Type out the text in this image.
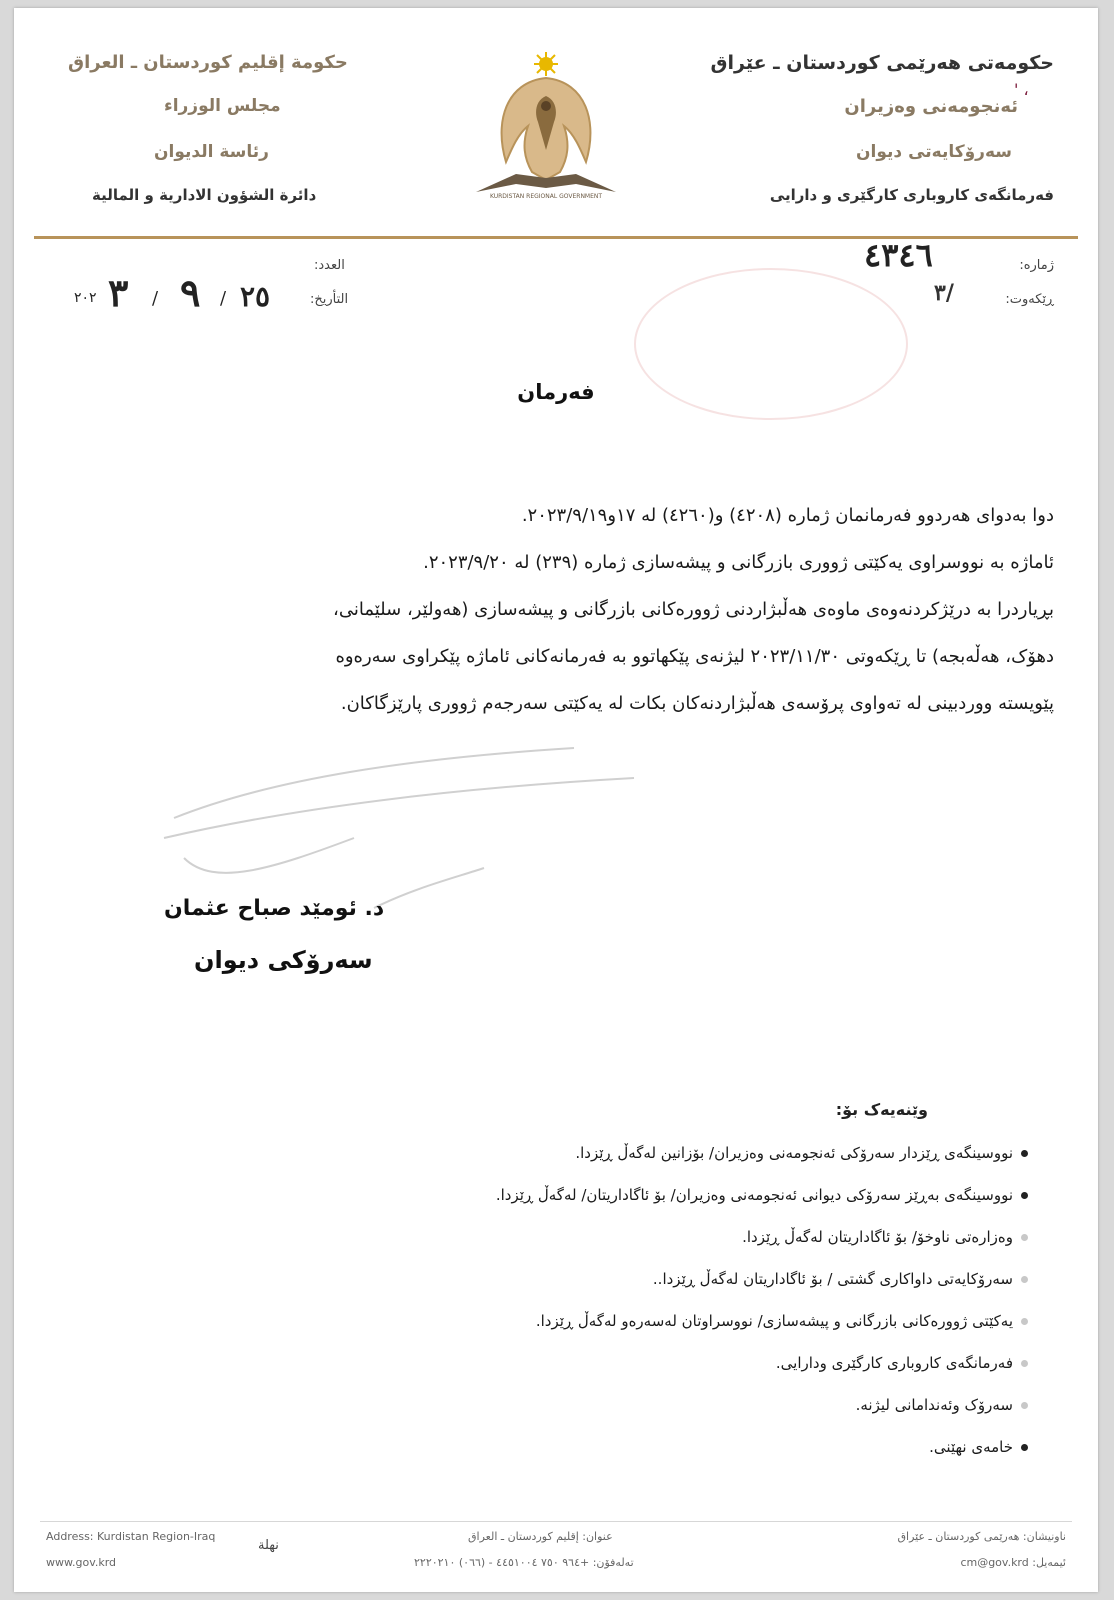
حکومەتی هەرێمی کوردستان ـ عێراق
ئەنجومەنی وەزیران
سەرۆکایەتی دیوان
فەرمانگەی کاروباری کارگێری و دارایی
حكومة إقليم كوردستان ـ العراق
مجلس الوزراء
رئاسة الديوان
دائرة الشؤون الادارية و المالية	KURDISTAN REGIONAL GOVERNMENT
' ،
ژمارە:
٤٣٤٦
ڕێکەوت:
٣/
العدد:
التأريخ:
٢٥
/
٩
/
٣
٢٠٢
فەرمان

دوا بەدوای هەردوو فەرمانمان ژمارە (٤٢٠٨) و(٤٢٦٠) لە ١٧و٢٠٢٣/٩/١٩.

ئاماژە بە نووسراوی یەکێتی ژووری بازرگانی و پیشەسازی ژمارە (٢٣٩) لە ٢٠٢٣/٩/٢٠.

بڕیاردرا بە درێژکردنەوەی ماوەی هەڵبژاردنی ژوورەکانی بازرگانی و پیشەسازی (هەولێر، سلێمانی،

دهۆک، هەڵەبجە) تا ڕێکەوتی ٢٠٢٣/١١/٣٠ لیژنەی پێکهاتوو بە فەرمانەکانی ئاماژە پێکراوی سەرەوە

پێویستە ووردبینی لە تەواوی پرۆسەی هەڵبژاردنەکان بکات لە یەکێتی سەرجەم ژووری پارێزگاکان.

د. ئومێد صباح عثمان
سەرۆکی دیوان
وێنەیەک بۆ:
نووسینگەی ڕێزدار سەرۆکی ئەنجومەنی وەزیران/ بۆزانین لەگەڵ ڕێزدا.
نووسینگەی بەڕێز سەرۆکی دیوانی ئەنجومەنی وەزیران/ بۆ ئاگاداریتان/ لەگەڵ ڕێزدا.
وەزارەتی ناوخۆ/ بۆ ئاگاداریتان لەگەڵ ڕێزدا.
سەرۆکایەتی داواکاری گشتی / بۆ ئاگاداریتان لەگەڵ ڕێزدا..
یەکێتی ژوورەکانی بازرگانی و پیشەسازی/ نووسراوتان لەسەرەو لەگەڵ ڕێزدا.
فەرمانگەی کاروباری کارگێری ودارایی.
سەرۆک وئەندامانی لیژنە.
خامەی نهێنی.
Address: Kurdistan Region-Iraq
www.gov.krd
نهلة
عنوان: إقليم كوردستان ـ العراق
تەلەفۆن: +٩٦٤ ٧٥٠ ٤٤٥١٠٠٤ - (٠٦٦) ٢٢٢٠٢١٠
ناونیشان: هەرێمی کوردستان ـ عێراق
ئیمەیل: cm@gov.krd
